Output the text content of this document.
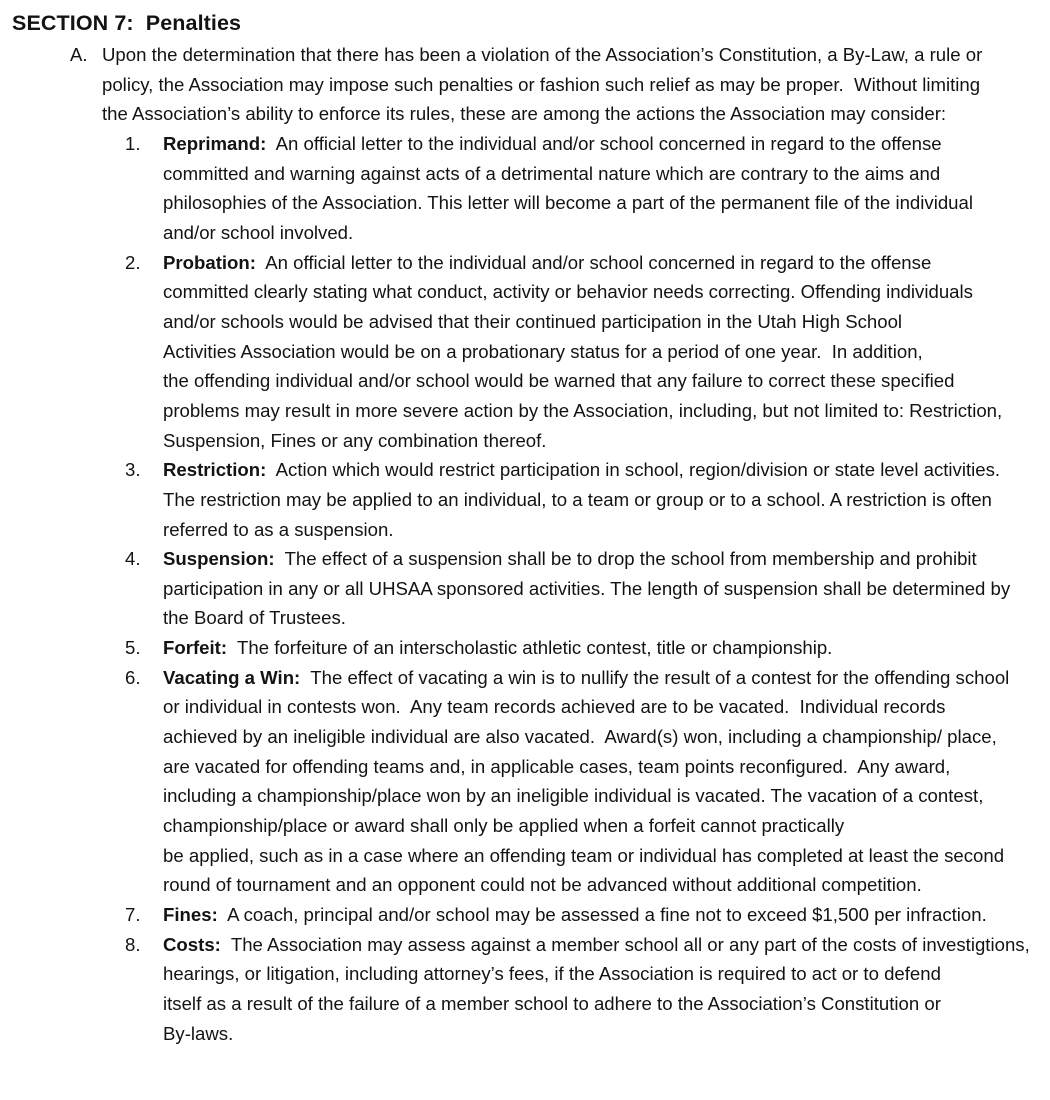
SECTION 7:  Penalties
A. Upon the determination that there has been a violation of the Association’s Constitution, a By-Law, a rule or
policy, the Association may impose such penalties or fashion such relief as may be proper.  Without limiting
the Association’s ability to enforce its rules, these are among the actions the Association may consider:
1.	Reprimand:  An official letter to the individual and/or school concerned in regard to the offense
committed and warning against acts of a detrimental nature which are contrary to the aims and
philosophies of the Association. This letter will become a part of the permanent file of the individual
and/or school involved.
2.	Probation:  An official letter to the individual and/or school concerned in regard to the offense
committed clearly stating what conduct, activity or behavior needs correcting. Offending individuals
and/or schools would be advised that their continued participation in the Utah High School
Activities Association would be on a probationary status for a period of one year.  In addition,
the offending individual and/or school would be warned that any failure to correct these specified
problems may result in more severe action by the Association, including, but not limited to: Restriction,
Suspension, Fines or any combination thereof.
3.	Restriction:  Action which would restrict participation in school, region/division or state level activities.
The restriction may be applied to an individual, to a team or group or to a school. A restriction is often
referred to as a suspension.
4.	Suspension:  The effect of a suspension shall be to drop the school from membership and prohibit
participation in any or all UHSAA sponsored activities. The length of suspension shall be determined by
the Board of Trustees.
5.	Forfeit:  The forfeiture of an interscholastic athletic contest, title or championship.
6.	Vacating a Win:  The effect of vacating a win is to nullify the result of a contest for the offending school
or individual in contests won.  Any team records achieved are to be vacated.  Individual records
achieved by an ineligible individual are also vacated.  Award(s) won, including a championship/ place,
are vacated for offending teams and, in applicable cases, team points reconfigured.  Any award,
including a championship/place won by an ineligible individual is vacated. The vacation of a contest,
championship/place or award shall only be applied when a forfeit cannot practically
be applied, such as in a case where an offending team or individual has completed at least the second
round of tournament and an opponent could not be advanced without additional competition.
7.	Fines:  A coach, principal and/or school may be assessed a fine not to exceed $1,500 per infraction.
8.	Costs:  The Association may assess against a member school all or any part of the costs of investigtions,
hearings, or litigation, including attorney’s fees, if the Association is required to act or to defend
itself as a result of the failure of a member school to adhere to the Association’s Constitution or
By-laws.
